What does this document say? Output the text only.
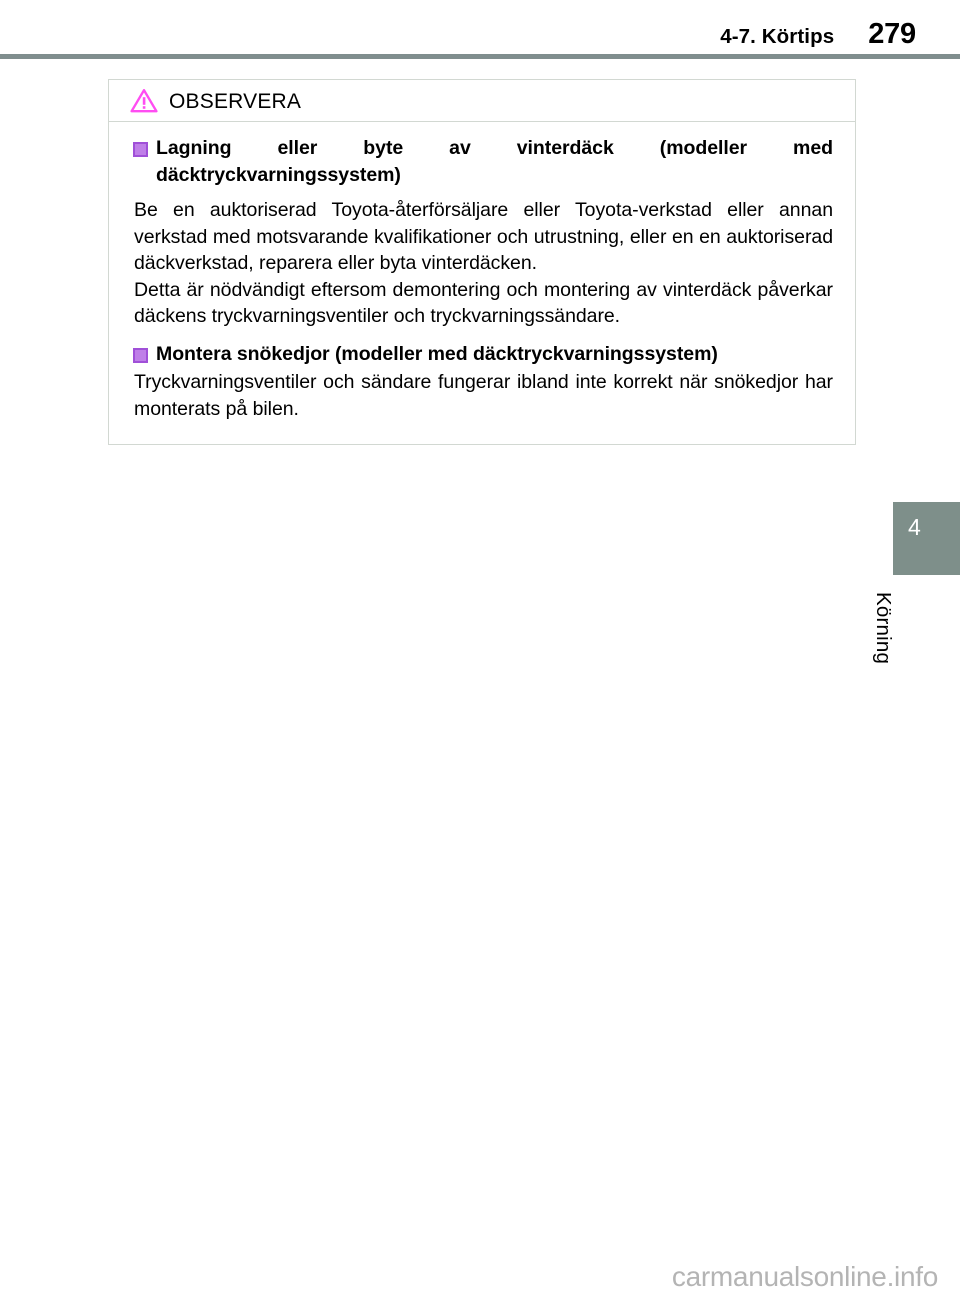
4-7. Körtips 279
OBSERVERA
Lagning eller byte av vinterdäck (modeller med däcktryckvarningssystem)
Be en auktoriserad Toyota-återförsäljare eller Toyota-verkstad eller annan verkstad med motsvarande kvalifikationer och utrustning, eller en en auktoriserad däckverkstad, reparera eller byta vinterdäcken.
Detta är nödvändigt eftersom demontering och montering av vinterdäck påverkar däckens tryckvarningsventiler och tryckvarningssändare.
Montera snökedjor (modeller med däcktryckvarningssystem)
Tryckvarningsventiler och sändare fungerar ibland inte korrekt när snökedjor har monterats på bilen.
4
Körning
carmanualsonline.info
